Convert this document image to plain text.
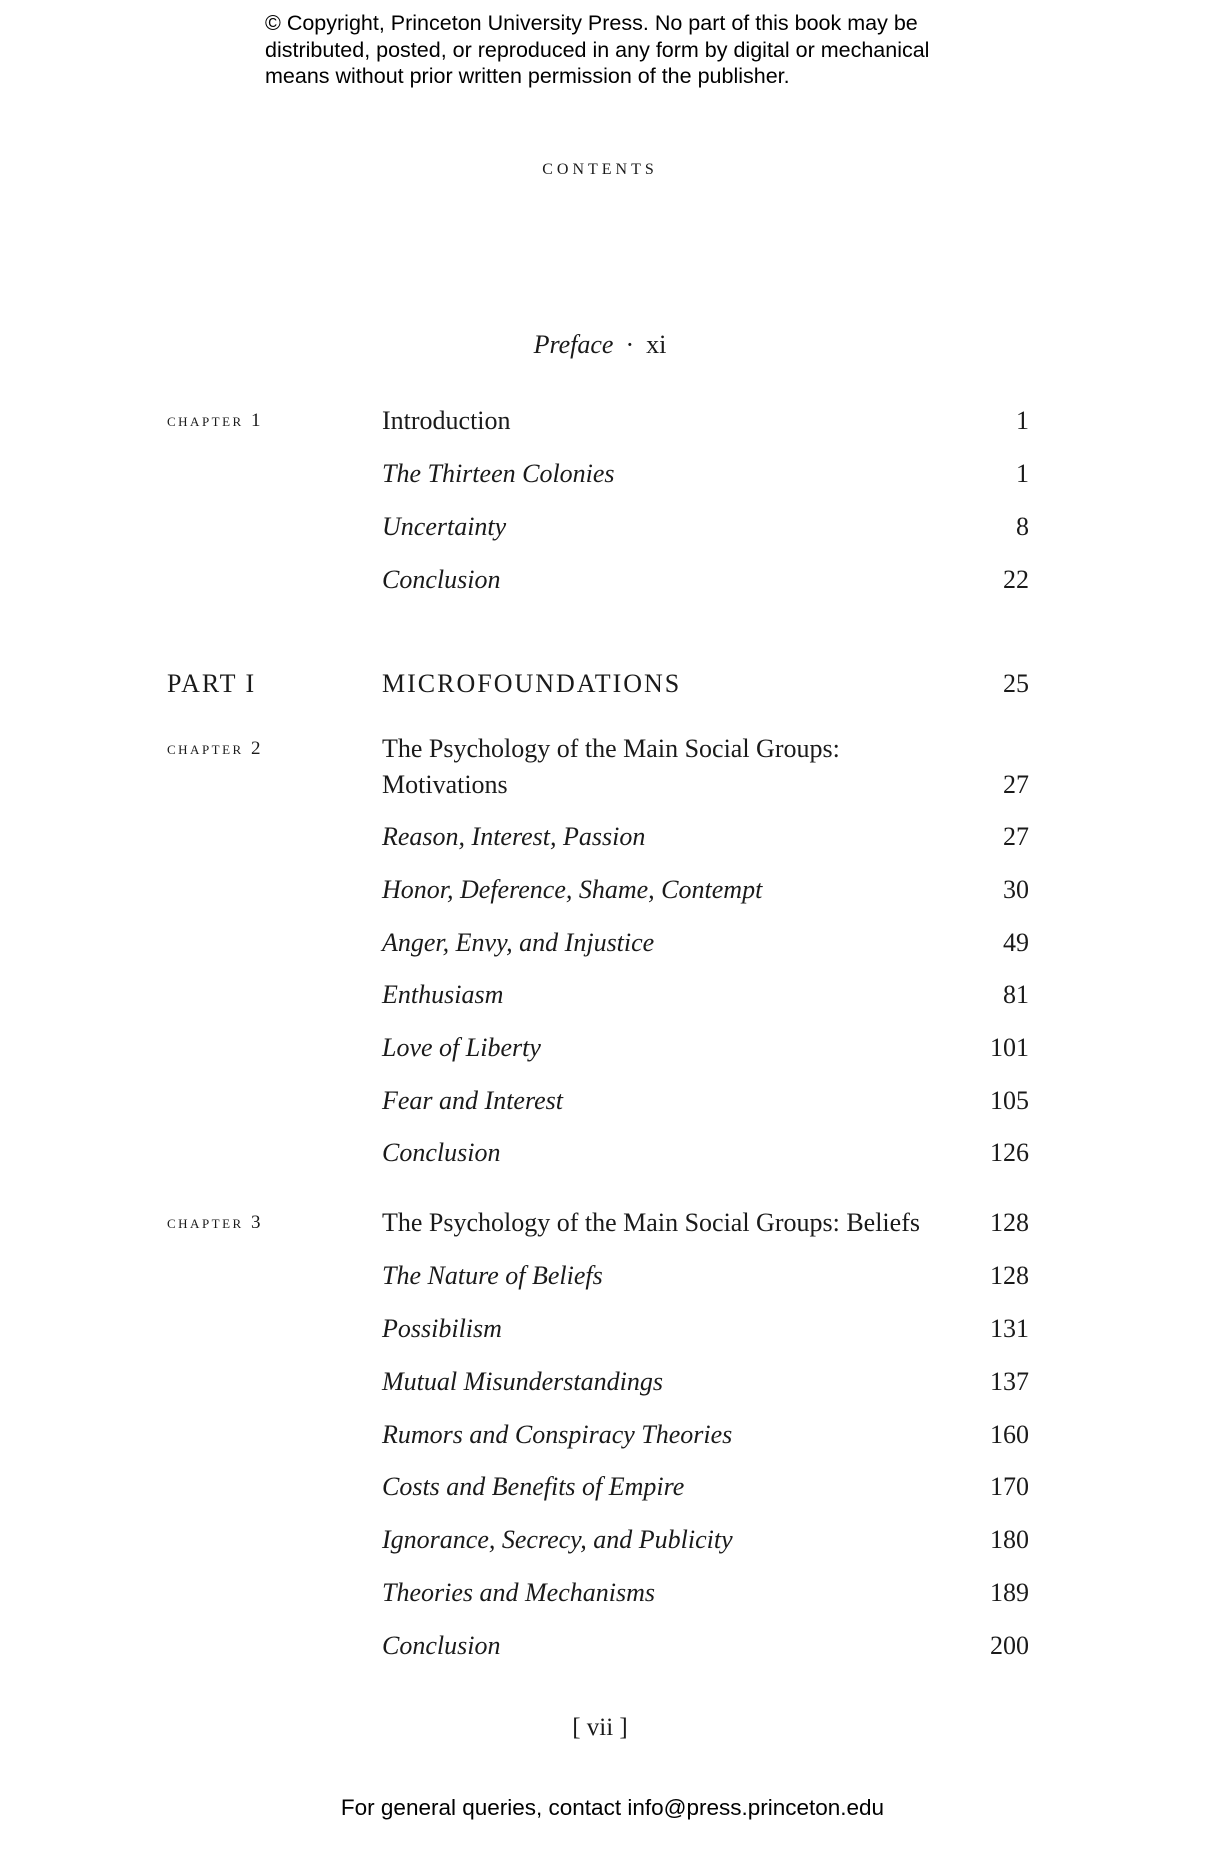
© Copyright, Princeton University Press. No part of this book may be
distributed, posted, or reproduced in any form by digital or mechanical
means without prior written permission of the publisher.
contents
Preface · xi
chapter 1	Introduction	1
The Thirteen Colonies	1
Uncertainty	8
Conclusion	22
PART I	MICROFOUNDATIONS	25
chapter 2	The Psychology of the Main Social Groups:
Motivations	27
Reason, Interest, Passion	27
Honor, Deference, Shame, Contempt	30
Anger, Envy, and Injustice	49
Enthusiasm	81
Love of Liberty	101
Fear and Interest	105
Conclusion	126
chapter 3	The Psychology of the Main Social Groups: Beliefs	128
The Nature of Beliefs	128
Possibilism	131
Mutual Misunderstandings	137
Rumors and Conspiracy Theories	160
Costs and Benefits of Empire	170
Ignorance, Secrecy, and Publicity	180
Theories and Mechanisms	189
Conclusion	200
[ vii ]
For general queries, contact info@press.princeton.edu
